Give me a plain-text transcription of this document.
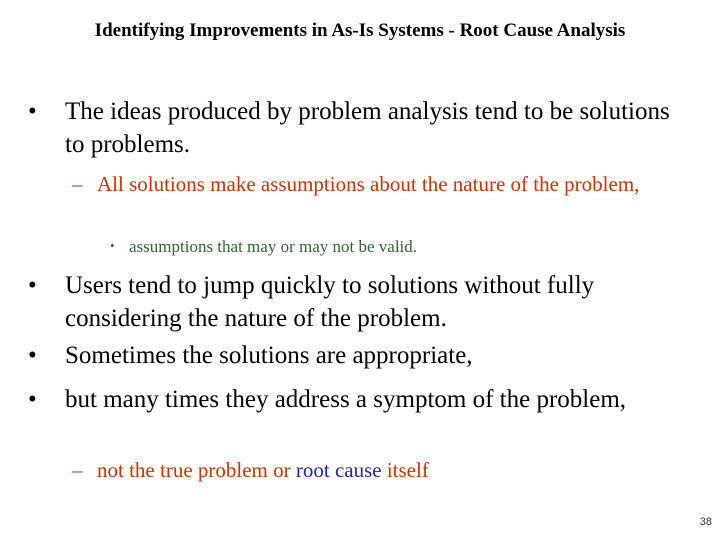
Identifying Improvements in As-Is Systems - Root Cause Analysis
•	The ideas produced by problem analysis tend to be solutions to problems.
– All solutions make assumptions about the nature of the problem,
• assumptions that may or may not be valid.
•	Users tend to jump quickly to solutions without fully considering the nature of the problem.
•	Sometimes the solutions are appropriate,
•	but many times they address a symptom of the problem,
– not the true problem or root cause itself
38
